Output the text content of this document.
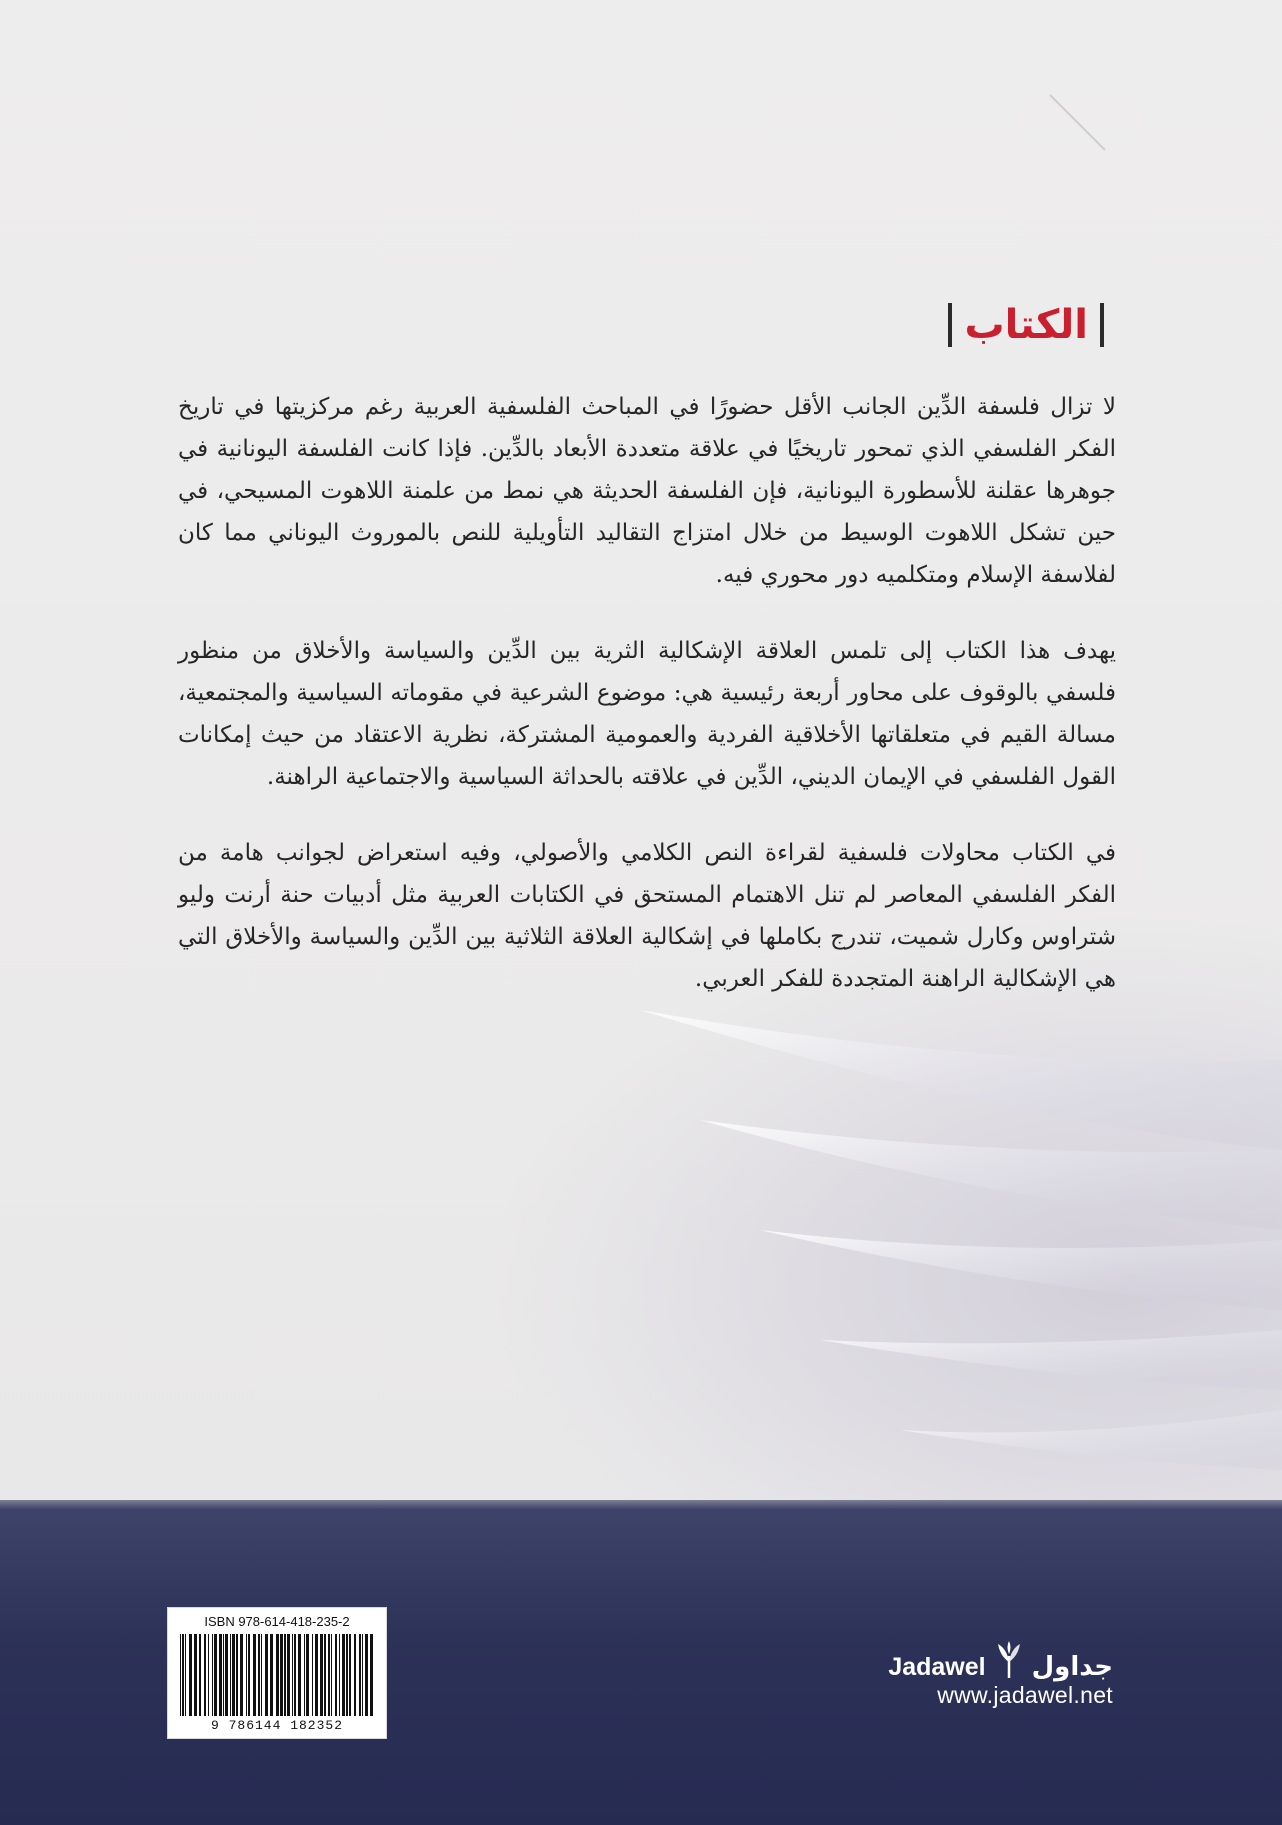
الكتاب

لا تزال فلسفة الدِّين الجانب الأقل حضورًا في المباحث الفلسفية العربية رغم مركزيتها في تاريخ الفكر الفلسفي الذي تمحور تاريخيًا في علاقة متعددة الأبعاد بالدِّين. فإذا كانت الفلسفة اليونانية في جوهرها عقلنة للأسطورة اليونانية، فإن الفلسفة الحديثة هي نمط من علمنة اللاهوت المسيحي، في حين تشكل اللاهوت الوسيط من خلال امتزاج التقاليد التأويلية للنص بالموروث اليوناني مما كان لفلاسفة الإسلام ومتكلميه دور محوري فيه.

يهدف هذا الكتاب إلى تلمس العلاقة الإشكالية الثرية بين الدِّين والسياسة والأخلاق من منظور فلسفي بالوقوف على محاور أربعة رئيسية هي: موضوع الشرعية في مقوماته السياسية والمجتمعية، مسالة القيم في متعلقاتها الأخلاقية الفردية والعمومية المشتركة، نظرية الاعتقاد من حيث إمكانات القول الفلسفي في الإيمان الديني، الدِّين في علاقته بالحداثة السياسية والاجتماعية الراهنة.

في الكتاب محاولات فلسفية لقراءة النص الكلامي والأصولي، وفيه استعراض لجوانب هامة من الفكر الفلسفي المعاصر لم تنل الاهتمام المستحق في الكتابات العربية مثل أدبيات حنة أرنت وليو شتراوس وكارل شميت، تندرج بكاملها في إشكالية العلاقة الثلاثية بين الدِّين والسياسة والأخلاق التي هي الإشكالية الراهنة المتجددة للفكر العربي.

ISBN 978-614-418-235-2
9 786144 182352
Jadawel جداول
www.jadawel.net
